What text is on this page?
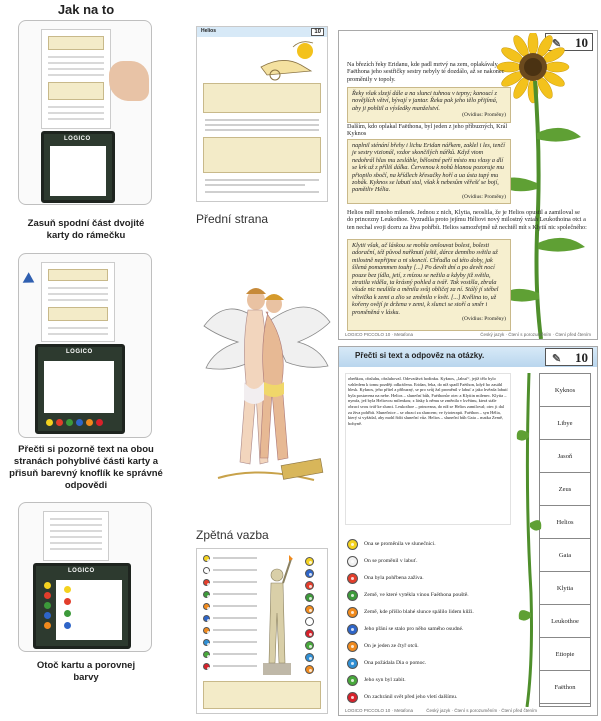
Jak na to
LOGICO
Zasuň spodní část dvojité karty do rámečku
LOGICO
Přečti si pozorně text na obou stranách pohyblivé části karty a přisuň barevný knoflík ke správné odpovědi
LOGICO
Otoč kartu a porovnej barvy
Helios	10
Přední strana
Zpětná vazba
✎ 10
Na březích řeky Eridanu, kde padl mrtvý na zem, oplakávaly Faëthona jeho sestřičky sestry nebyly té dozdálo, až se nakonec proměnily v topoly.
Řeky však slzejí dále a na slunci tuhnou v tepny; kanoucí z novějších větví, bývají v jantar. Řeka pak jeho tělo přijímá, aby ji pohltil a výsledky manželství.
(Ovidius: Proměny)
Dalším, kdo oplakal Faëthona, byl jeden z jeho příbuzných, Král Kyknos
naplnil sténání břehy i lichu Eridan nářkem, zaklel i les, tenčí je sestry vizionál, vzdor skončilých nářků. Když vtom nedohrál hlas mu zesláble, bělostné peří místo mu vlasy a dlí se krk už z příliš dálka. Červenou k nohů blanou pozoruje mu přiopilo sbočí, na křídlech křesačky hoří a ua ústa tupý mu zobák. Kyknos se labutí stal, však k nebesům věřešť se bojí, pamětliv Hélia.
(Ovidius: Proměny)
Helios měl mnoho milenek. Jednou z nich, Klytia, neoslila, že je Helios opustil a zamiloval se do princezny Leukothoe. Vyzradila proto jejímu Héliovi nový milostný vztah Leukothoina otci a ten nechal svoji dceru za živa pohřbít. Helios samozřejmě už nechtěl mít s Klytií nic společného:
Klytii však, ač láskou se mohla omlouvat bolest, bolesti adorační, též původ nařknutí ještě, dárce denního světla už milostně nepřijme a ni skoncií. Chřadla od této doby, jak šílená pomammen touhy [...] Po devět dní a po devět nocí pouze bez jídla, jetí, z mízou se nežila a kdyby již světla, ztratila viděla, ta krásný pohled a tvář. Tak vostšla, zbrala všude nic neulítla a měnila svůj obličej za ní. Stálý jí stébel větvička k zemi a zlio se změnila v květ. [...] Kvělina to, už kořeny ovějí je držena v zemi, k slunci se stoří a směr i proměněná v lásku.
(Ovidius: Proměny)
LOGICO PICCOLO 10 · Metafona	Český jazyk · Čtení s porozuměním · Čtení před čtením
Přečti si text a odpověz na otázky.	✎ 10
obeňkou, obsluhu, obsluhoval. Odevzdává hodinku. Kyknos, „labuť“, jejíž tělo bylo vzhledem k tomu později odkráčena. Eridan, řeka, do níž spadl Faëthon, když ho zasáhl blesk. Kyknos, jeho přítel a příbuzný, se pro svůj žal proměnil v labuť a jako hvězda labutí byla postavena na nebe. Helios – sluneční bůh, Faëthonův otec a Klytiin milenec. Klytia – nymfa, jež byla Heliovou milenkou; z lásky k němu se změnila v květinu, která stále obrací svou tvář ke slunci. Leukothoe – princezna, do níž se Helios zamiloval; otec ji dal za živa pohřbít. Slunečnice – se obrací za sluncem; ve fytoterapii. Faëthon – syn Hélia, který si vyžádal, aby mohl řídit sluneční vůz. Helios – sluneční bůh Gaia – matka Země, bohyně.
Ona se proměnila ve slunečnici.
On se proměnil v labuť.
Ona byla pohřbena zaživa.
Země, ve které vytékla vinou Faëthona pouště.
Země, kde přišlo blahé slunce spálilo lidem kůži.
Jeho přání se stalo pro něho samého osudné.
On je jeden ze čtyř otců.
Ona požádala Dia o pomoc.
Jeho syn byl zabit.
On zachránil svět před jeho vletí dalšímu.
Kyknos
Libye
Jasoň
Zeus
Helios
Gaia
Klytia
Leukothoe
Etiopie
Faëthon
LOGICO PICCOLO 10 · Metafona	Český jazyk · Čtení s porozuměním · Čtení před čtením
